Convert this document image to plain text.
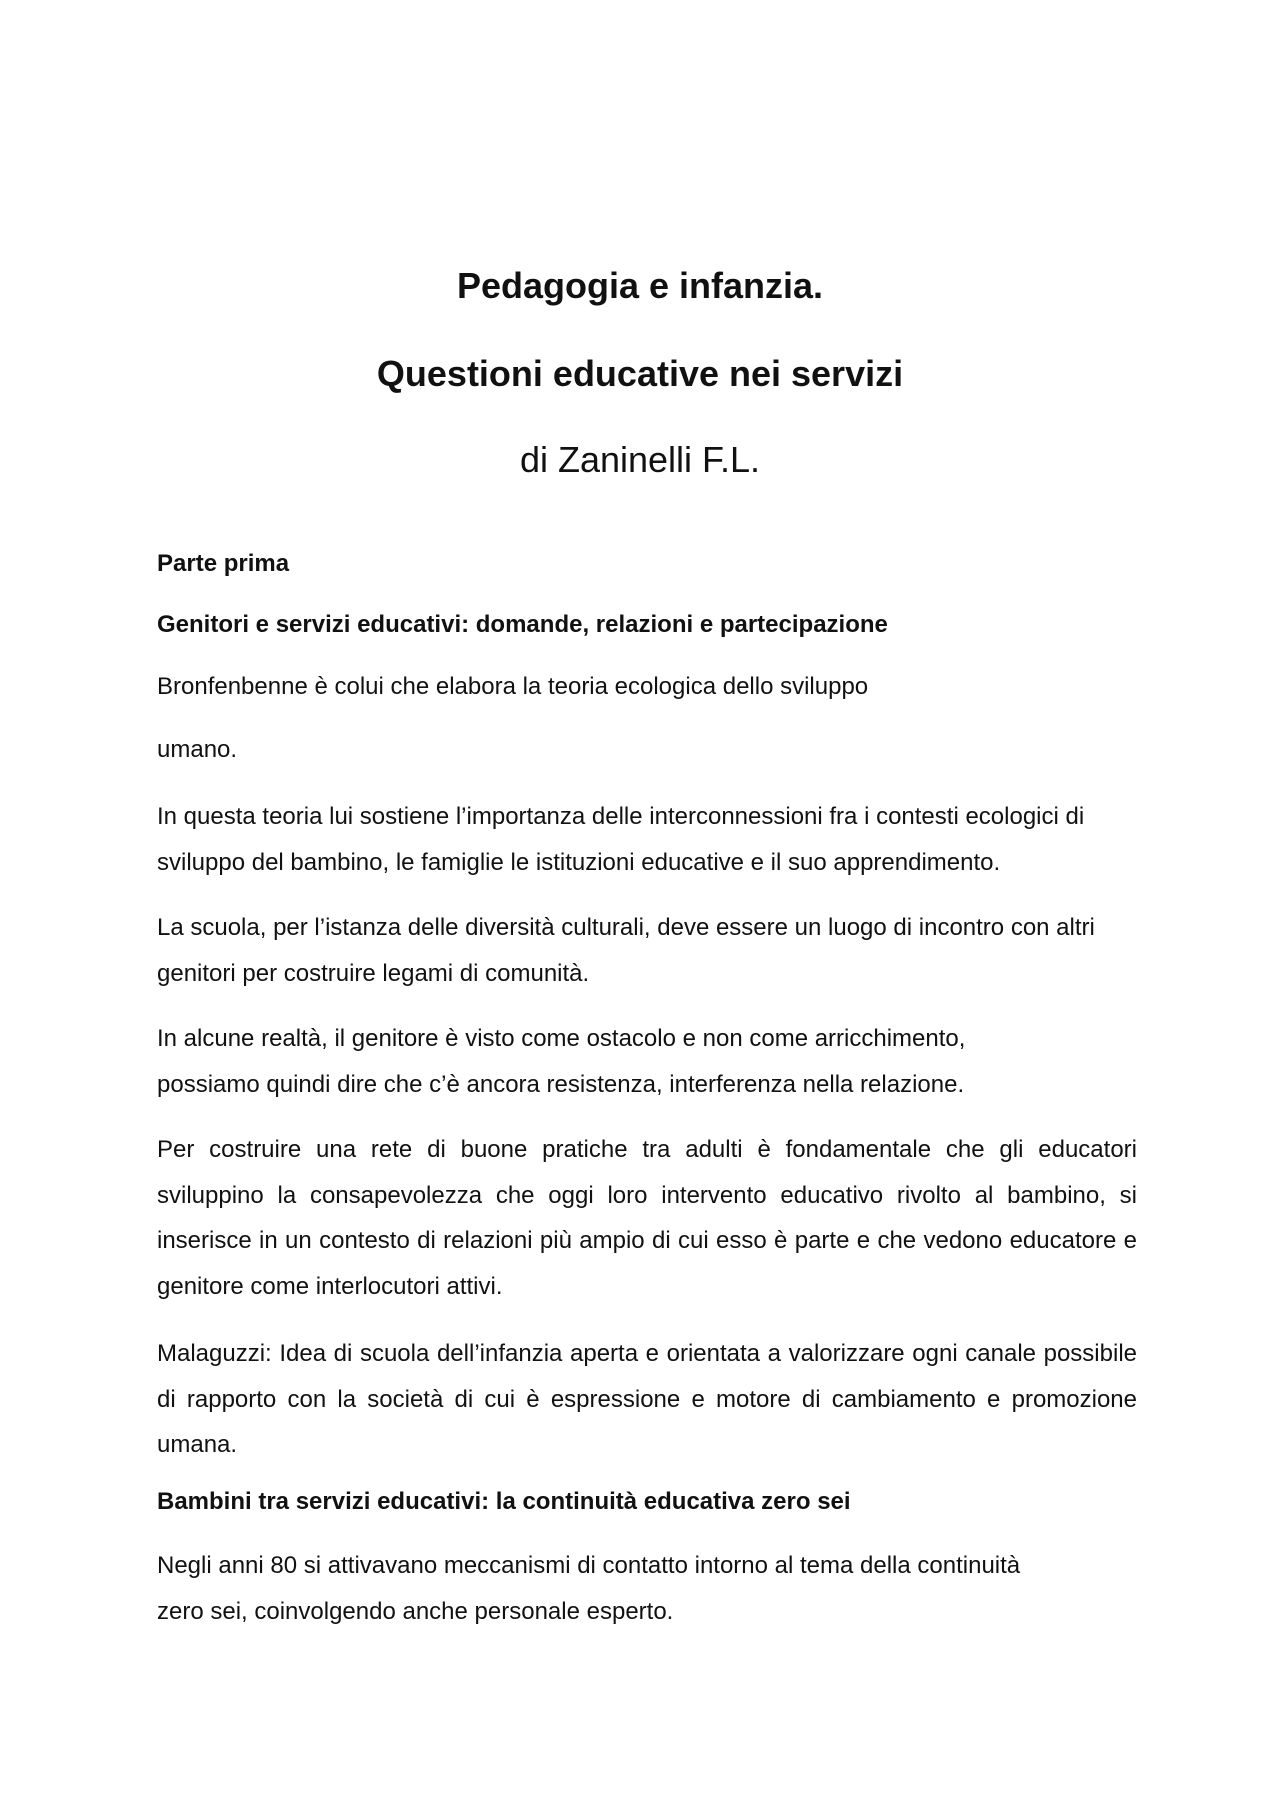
Pedagogia e infanzia.
Questioni educative nei servizi
di Zaninelli F.L.
Parte prima
Genitori e servizi educativi: domande, relazioni e partecipazione
Bronfenbenne è colui che elabora la teoria ecologica dello sviluppo
umano.
In questa teoria lui sostiene l’importanza delle interconnessioni fra i contesti ecologici di sviluppo del bambino, le famiglie le istituzioni educative e il suo apprendimento.
La scuola, per l’istanza delle diversità culturali, deve essere un luogo di incontro con altri genitori per costruire legami di comunità.
In alcune realtà, il genitore è visto come ostacolo e non come arricchimento,
possiamo quindi dire che c’è ancora resistenza, interferenza nella relazione.
Per costruire una rete di buone pratiche tra adulti è fondamentale che gli educatori sviluppino la consapevolezza che oggi loro intervento educativo rivolto al bambino, si inserisce in un contesto di relazioni più ampio di cui esso è parte e che vedono educatore e genitore come interlocutori attivi.
Malaguzzi: Idea di scuola dell’infanzia aperta e orientata a valorizzare ogni canale possibile di rapporto con la società di cui è espressione e motore di cambiamento e promozione umana.
Bambini tra servizi educativi: la continuità educativa zero sei
Negli anni 80 si attivavano meccanismi di contatto intorno al tema della continuità
zero sei, coinvolgendo anche personale esperto.
